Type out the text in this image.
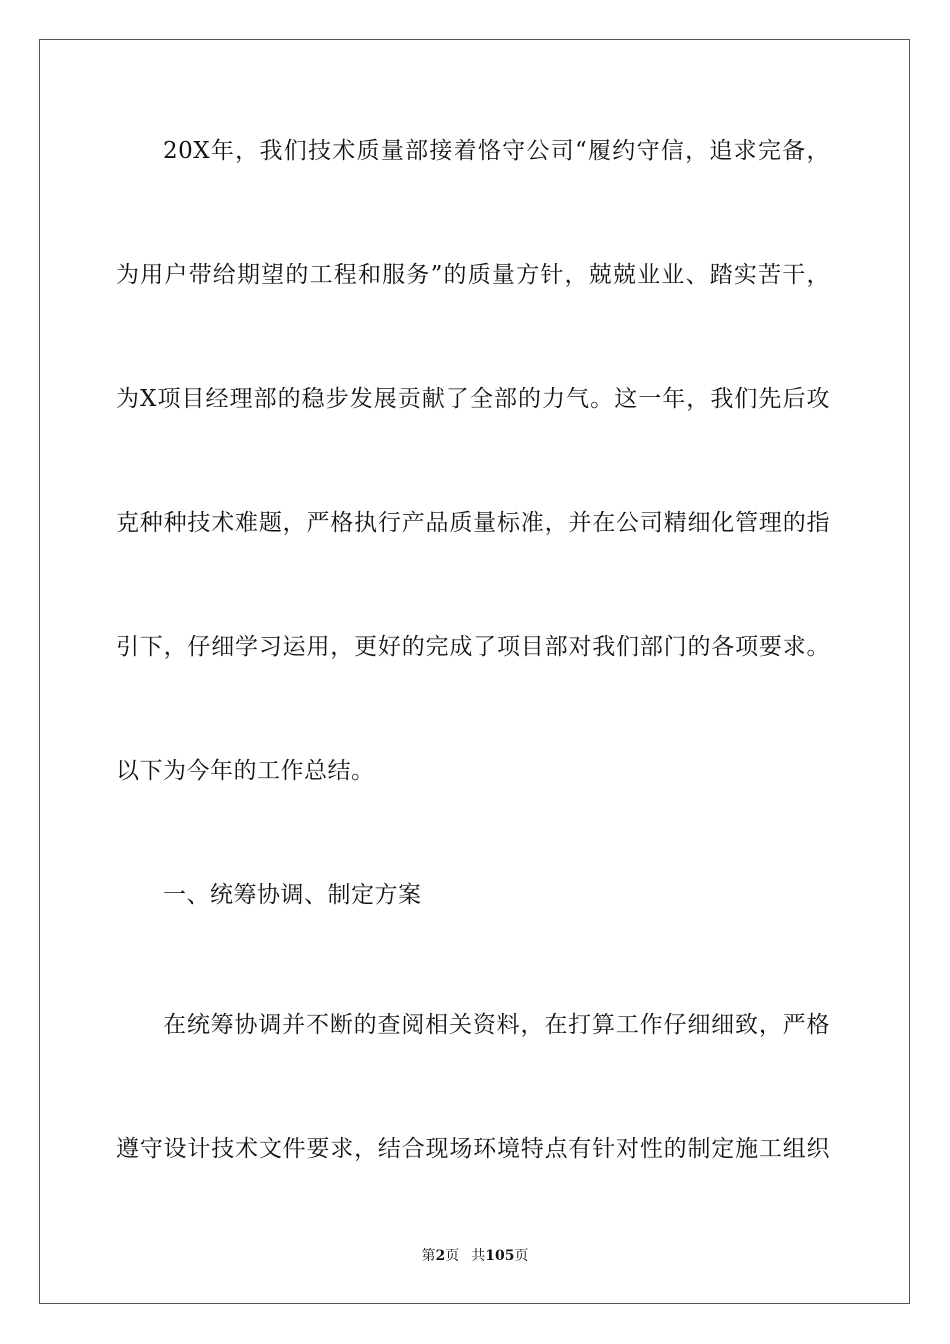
20X年，我们技术质量部接着恪守公司“履约守信，追求完备，
为用户带给期望的工程和服务”的质量方针，兢兢业业、踏实苦干，
为X项目经理部的稳步发展贡献了全部的力气。这一年，我们先后攻
克种种技术难题，严格执行产品质量标准，并在公司精细化管理的指
引下，仔细学习运用，更好的完成了项目部对我们部门的各项要求。
以下为今年的工作总结。
一、统筹协调、制定方案
在统筹协调并不断的查阅相关资料，在打算工作仔细细致，严格
遵守设计技术文件要求，结合现场环境特点有针对性的制定施工组织
第2页 共105页
